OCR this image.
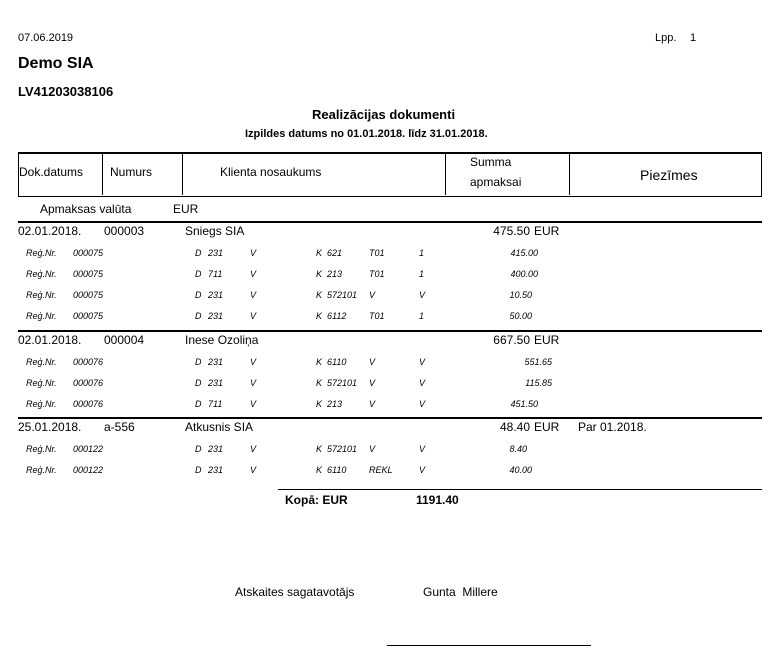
07.06.2019	Lpp. 1
Demo SIA
LV41203038106
Realizācijas dokumenti
Izpildes datums no 01.01.2018. līdz 31.01.2018.
Dok.datums Numurs	Klienta nosaukums
Summa
apmaksai	Piezīmes
Apmaksas valūta	EUR
02.01.2018. 000003	Sniegs SIA	475.50 EUR
Reģ.Nr. 000075	D 231	V	K 621	T01	1	415.00
Reģ.Nr. 000075	D 711	V	K 213	T01	1	400.00
Reģ.Nr. 000075	D 231	V	K 572101 V	V	10.50
Reģ.Nr. 000075	D 231	V	K 6112	T01	1	50.00
02.01.2018. 000004	Inese Ozoliņa	667.50 EUR
Reģ.Nr. 000076	D 231	V	K 6110	V	V	551.65
Reģ.Nr. 000076	D 231	V	K 572101 V	V	115.85
Reģ.Nr. 000076	D 711	V	K 213	V	V	451.50
25.01.2018. a-556	Atkusnis SIA	48.40 EUR Par 01.2018.
Reģ.Nr. 000122	D 231	V	K 572101 V	V	8.40
Reģ.Nr. 000122	D 231	V	K 6110	REKL	V	40.00
Kopā: EUR	1191.40
Atskaites sagatavotājs	Gunta  Millere
